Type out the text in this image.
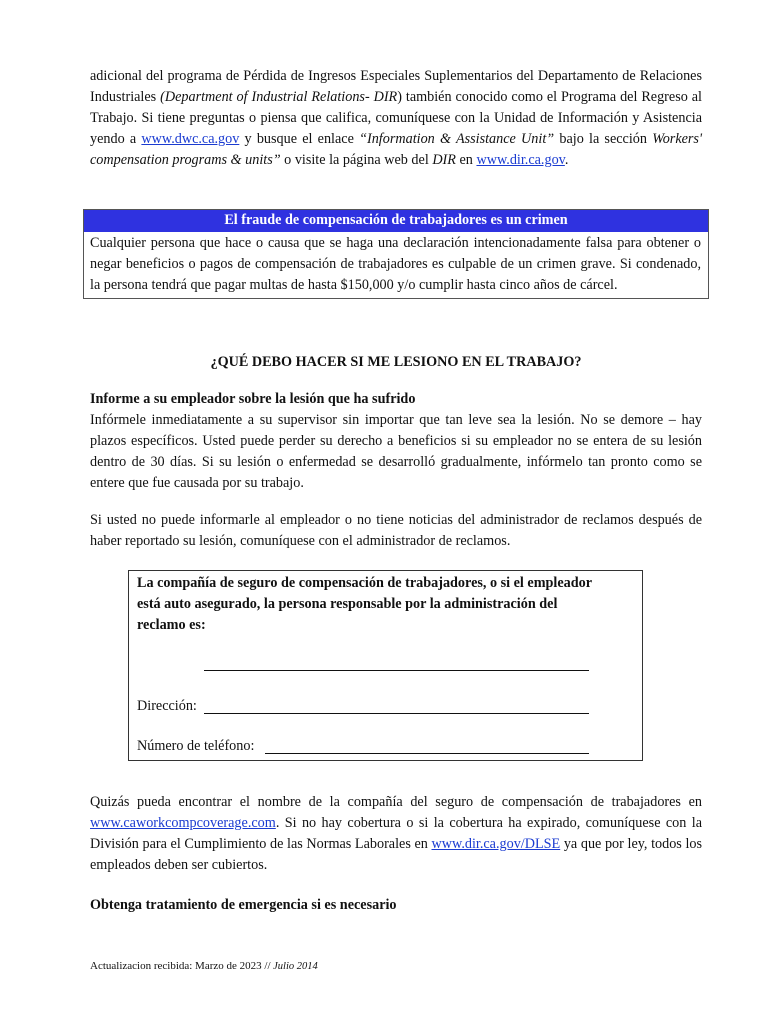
adicional del programa de Pérdida de Ingresos Especiales Suplementarios del Departamento de Relaciones Industriales (Department of Industrial Relations- DIR) también conocido como el Programa del Regreso al Trabajo. Si tiene preguntas o piensa que califica, comuníquese con la Unidad de Información y Asistencia yendo a www.dwc.ca.gov y busque el enlace “Information & Assistance Unit” bajo la sección Workers' compensation programs & units” o visite la página web del DIR en www.dir.ca.gov.

El fraude de compensación de trabajadores es un crimen
Cualquier persona que hace o causa que se haga una declaración intencionadamente falsa para obtener o negar beneficios o pagos de compensación de trabajadores es culpable de un crimen grave. Si condenado, la persona tendrá que pagar multas de hasta $150,000 y/o cumplir hasta cinco años de cárcel.
¿QUÉ DEBO HACER SI ME LESIONO EN EL TRABAJO?
Informe a su empleador sobre la lesión que ha sufrido

Infórmele inmediatamente a su supervisor sin importar que tan leve sea la lesión. No se demore – hay plazos específicos. Usted puede perder su derecho a beneficios si su empleador no se entera de su lesión dentro de 30 días. Si su lesión o enfermedad se desarrolló gradualmente, infórmelo tan pronto como se entere que fue causada por su trabajo.

Si usted no puede informarle al empleador o no tiene noticias del administrador de reclamos después de haber reportado su lesión, comuníquese con el administrador de reclamos.

La compañía de seguro de compensación de trabajadores, o si el empleador está auto asegurado, la persona responsable por la administración del reclamo es:
Dirección:
Número de teléfono:

Quizás pueda encontrar el nombre de la compañía del seguro de compensación de trabajadores en www.caworkcompcoverage.com. Si no hay cobertura o si la cobertura ha expirado, comuníquese con la División para el Cumplimiento de las Normas Laborales en www.dir.ca.gov/DLSE ya que por ley, todos los empleados deben ser cubiertos.

Obtenga tratamiento de emergencia si es necesario
Actualizacion recibida: Marzo de 2023 // Julio 2014
